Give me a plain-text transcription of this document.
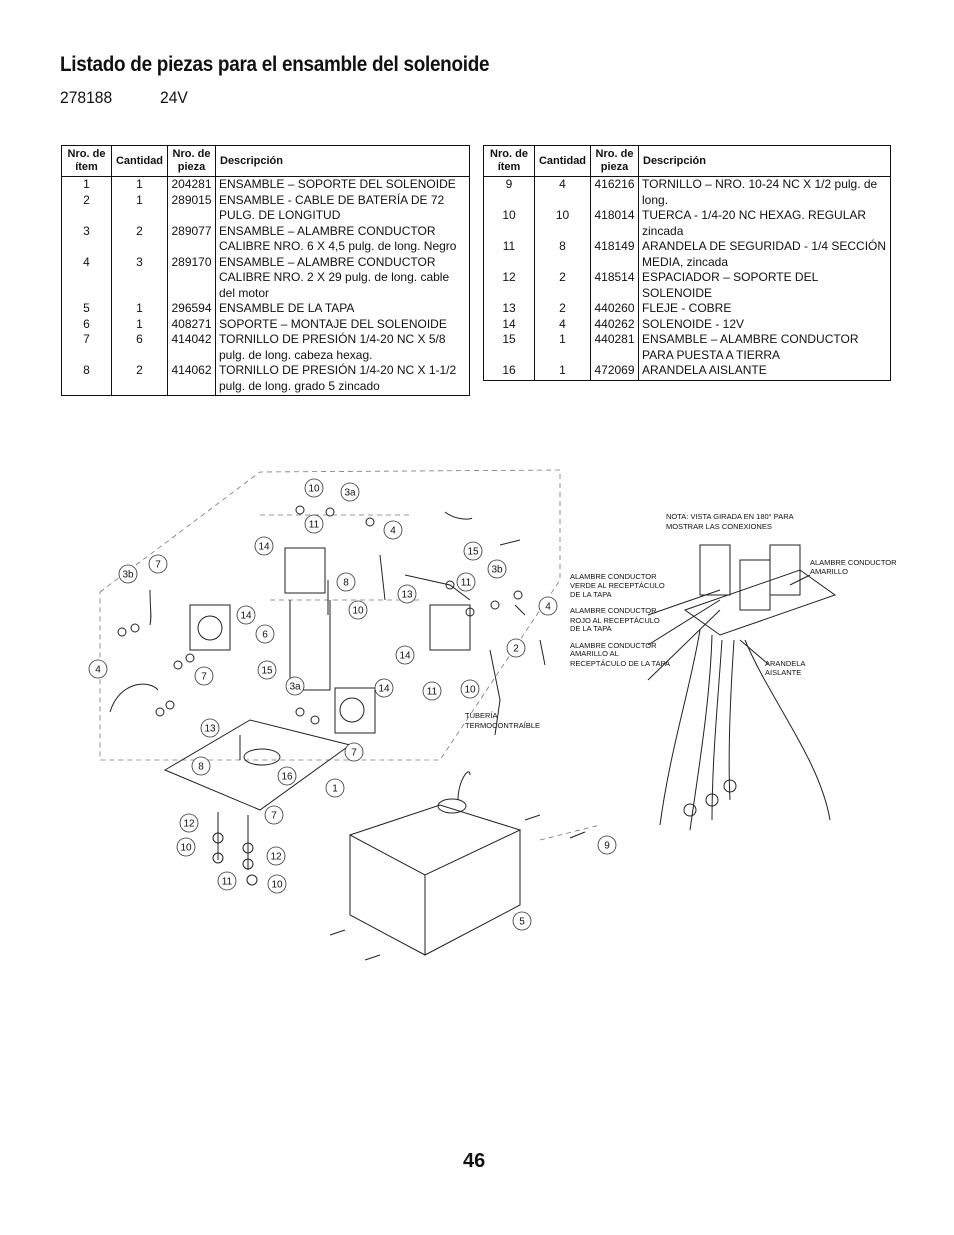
Listado de piezas para el ensamble del solenoide
278188	24V
Nro. de ítem	Cantidad	Nro. de pieza	Descripción
1	1	204281	ENSAMBLE – SOPORTE DEL SOLENOIDE
2	1	289015	ENSAMBLE - CABLE DE BATERÍA DE 72 PULG. DE LONGITUD
3	2	289077	ENSAMBLE – ALAMBRE CONDUCTOR CALIBRE NRO. 6 X 4,5 pulg. de long. Negro
4	3	289170	ENSAMBLE – ALAMBRE CONDUCTOR CALIBRE NRO. 2 X 29 pulg. de long. cable del motor
5	1	296594	ENSAMBLE DE LA TAPA
6	1	408271	SOPORTE – MONTAJE DEL SOLENOIDE
7	6	414042	TORNILLO DE PRESIÓN 1/4-20 NC X 5/8 pulg. de long. cabeza hexag.
8	2	414062	TORNILLO DE PRESIÓN 1/4-20 NC X 1-1/2 pulg. de long. grado 5 zincado
Nro. de ítem	Cantidad	Nro. de pieza	Descripción
9	4	416216	TORNILLO – NRO. 10-24 NC X 1/2 pulg. de long.
10	10	418014	TUERCA - 1/4-20 NC HEXAG. REGULAR zincada
11	8	418149	ARANDELA DE SEGURIDAD - 1/4 SECCIÓN MEDIA, zincada
12	2	418514	ESPACIADOR – SOPORTE DEL SOLENOIDE
13	2	440260	FLEJE - COBRE
14	4	440262	SOLENOIDE - 12V
15	1	440281	ENSAMBLE – ALAMBRE CONDUCTOR PARA PUESTA A TIERRA
16	1	472069	ARANDELA AISLANTE
10 3a
11
4
14	15
7
3b
8
10
13
11
3b
4
14
6
2
14
15
3a	14	11	10
7
4
13
7
8
16
1
7
12
10
12
11	10
9
5
NOTA: VISTA GIRADA EN 180° PARA
MOSTRAR LAS CONEXIONES
ALAMBRE CONDUCTOR
AMARILLO
ALAMBRE CONDUCTOR
VERDE AL RECEPTÁCULO
DE LA TAPA
ALAMBRE CONDUCTOR
ROJO AL RECEPTÁCULO
DE LA TAPA
ALAMBRE CONDUCTOR
AMARILLO AL
RECEPTÁCULO DE LA TAPA	ARANDELA
AISLANTE
TUBERÍA
TERMOCONTRAÍBLE
46
